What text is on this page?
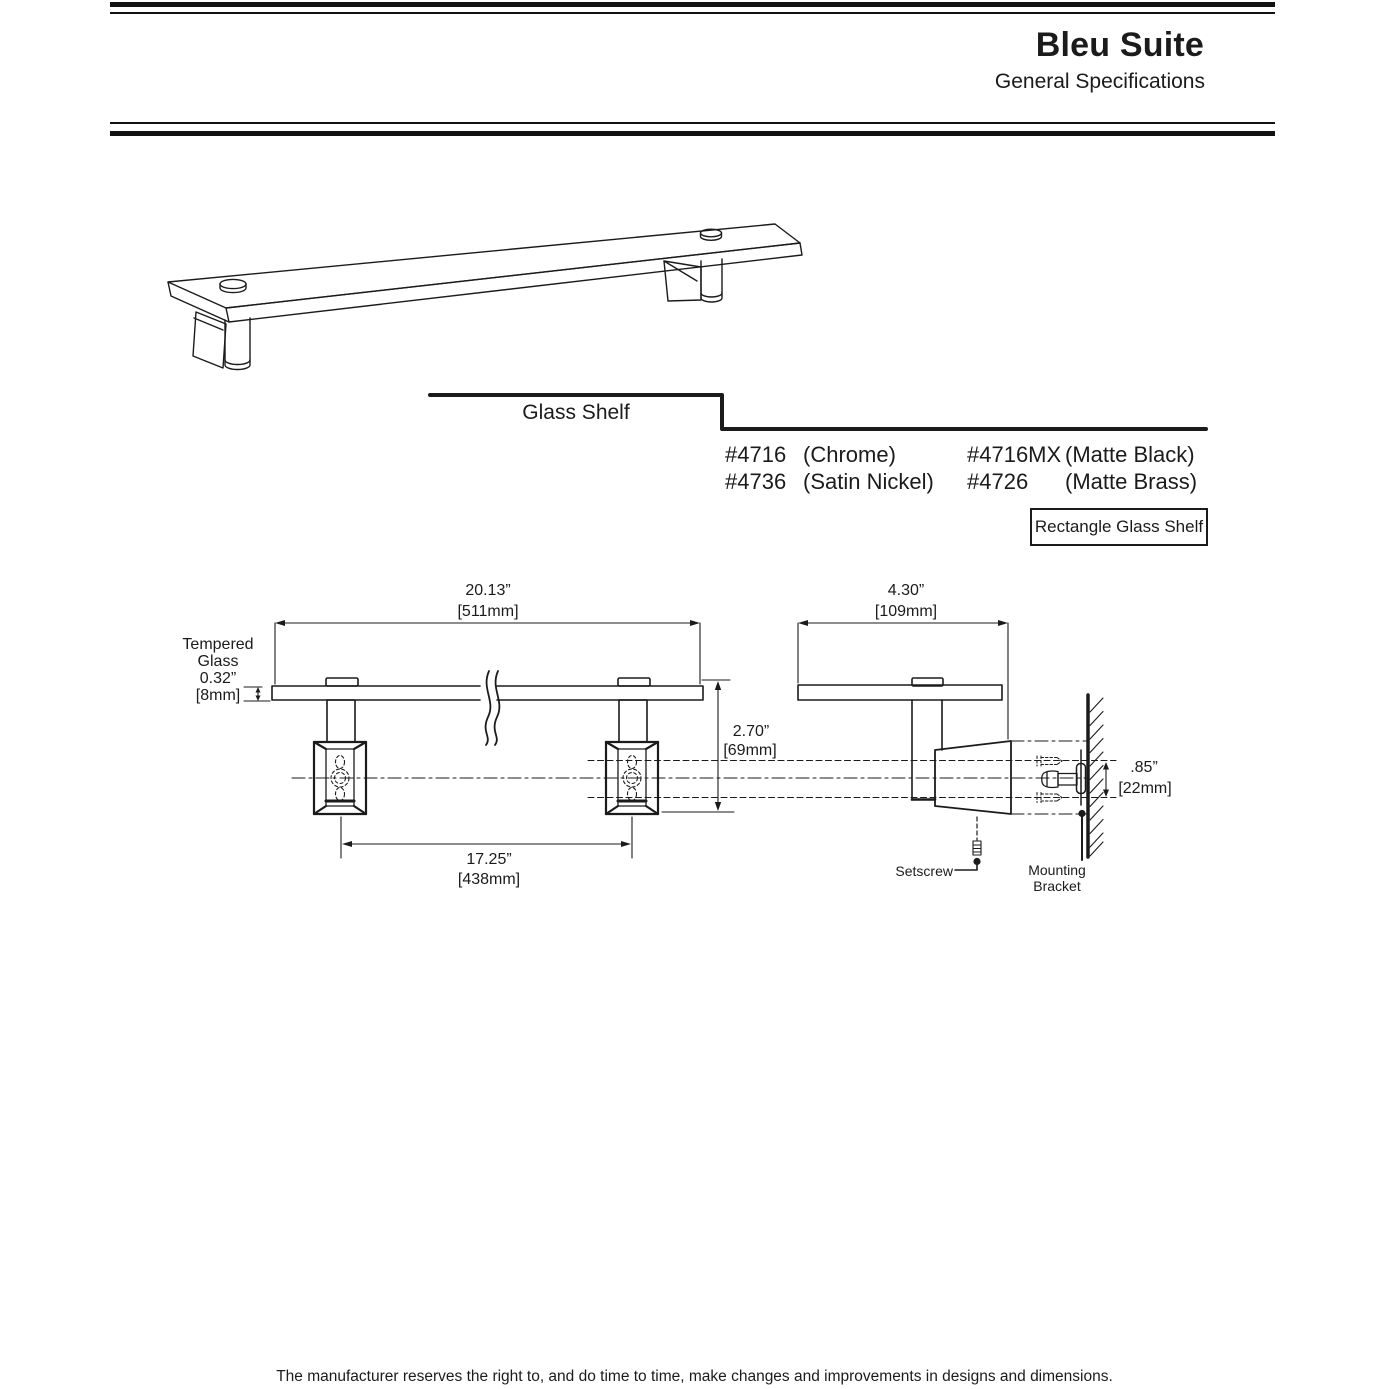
Bleu Suite
General Specifications
Glass Shelf
#4716 (Chrome)
#4736 (Satin Nickel)
#4716MX (Matte Black)
#4726 (Matte Brass)
Rectangle Glass Shelf
20.13”
[511mm]
Tempered
Glass
0.32”
[8mm]
2.70”
[69mm]
17.25”
[438mm]
4.30”
[109mm]
.85”
[22mm]
Setscrew	Mounting
Bracket
The manufacturer reserves the right to, and do time to time, make changes and improvements in designs and dimensions.
